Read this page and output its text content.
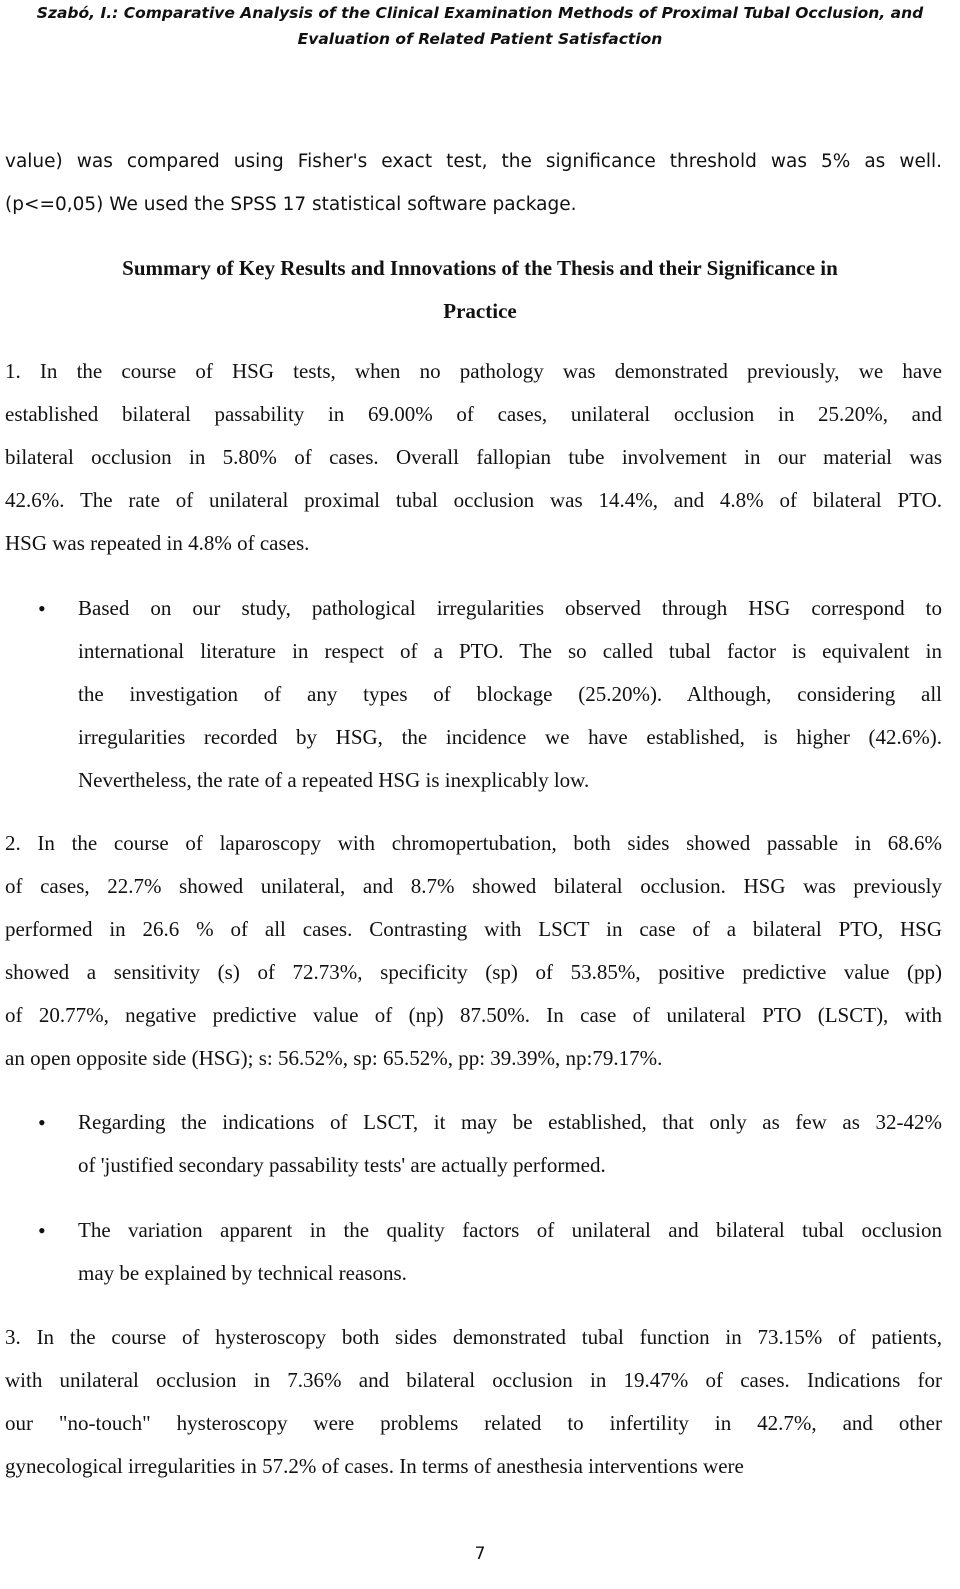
Szabó, I.: Comparative Analysis of the Clinical Examination Methods of Proximal Tubal Occlusion, and
Evaluation of Related Patient Satisfaction
value) was compared using Fisher's exact test, the significance threshold was 5% as well.
(p<=0,05) We used the SPSS 17 statistical software package.
Summary of Key Results and Innovations of the Thesis and their Significance in
Practice
1. In the course of HSG tests, when no pathology was demonstrated previously, we have
established bilateral passability in 69.00% of cases, unilateral occlusion in 25.20%, and
bilateral occlusion in 5.80% of cases. Overall fallopian tube involvement in our material was
42.6%. The rate of unilateral proximal tubal occlusion was 14.4%, and 4.8% of bilateral PTO.
HSG was repeated in 4.8% of cases.
• Based on our study, pathological irregularities observed through HSG correspond to
international literature in respect of a PTO. The so called tubal factor is equivalent in
the investigation of any types of blockage (25.20%). Although, considering all
irregularities recorded by HSG, the incidence we have established, is higher (42.6%).
Nevertheless, the rate of a repeated HSG is inexplicably low.
2. In the course of laparoscopy with chromopertubation, both sides showed passable in 68.6%
of cases, 22.7% showed unilateral, and 8.7% showed bilateral occlusion. HSG was previously
performed in 26.6 % of all cases. Contrasting with LSCT in case of a bilateral PTO, HSG
showed a sensitivity (s) of 72.73%, specificity (sp) of 53.85%, positive predictive value (pp)
of 20.77%, negative predictive value of (np) 87.50%. In case of unilateral PTO (LSCT), with
an open opposite side (HSG); s: 56.52%, sp: 65.52%, pp: 39.39%, np:79.17%.
• Regarding the indications of LSCT, it may be established, that only as few as 32-42%
of 'justified secondary passability tests' are actually performed.
• The variation apparent in the quality factors of unilateral and bilateral tubal occlusion
may be explained by technical reasons.
3. In the course of hysteroscopy both sides demonstrated tubal function in 73.15% of patients,
with unilateral occlusion in 7.36% and bilateral occlusion in 19.47% of cases. Indications for
our "no-touch" hysteroscopy were problems related to infertility in 42.7%, and other
gynecological irregularities in 57.2% of cases. In terms of anesthesia interventions were
7
